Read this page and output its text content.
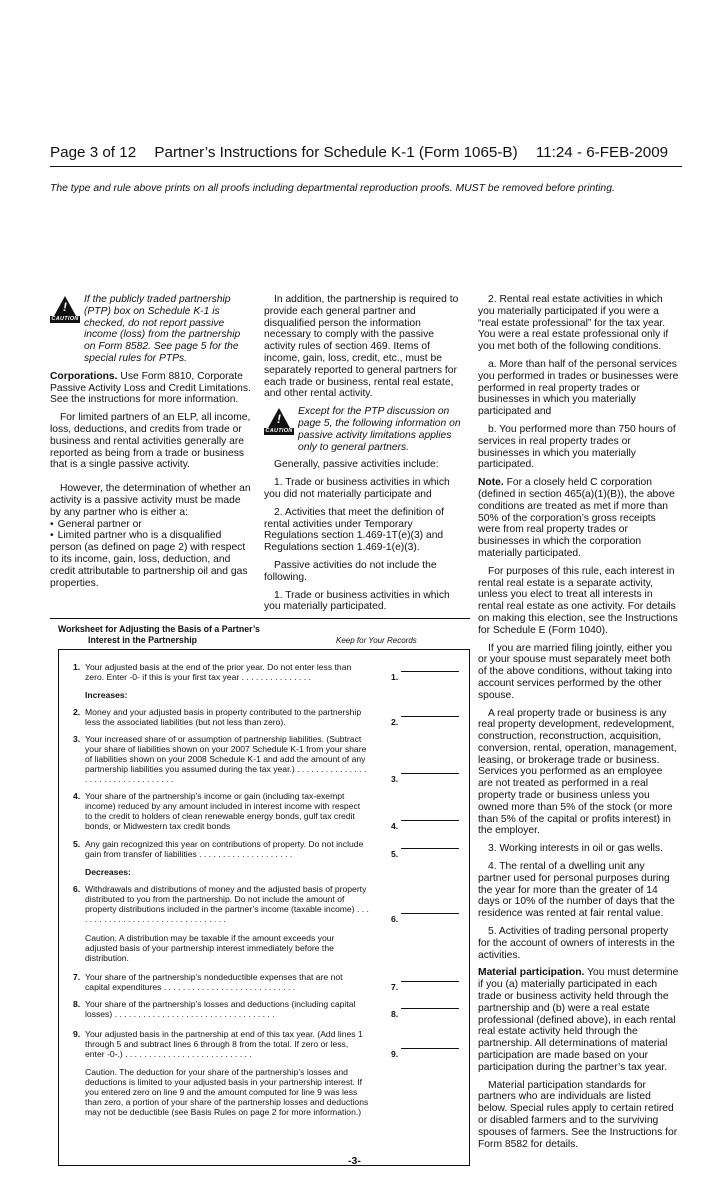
Page 3 of 12 Partner’s Instructions for Schedule K-1 (Form 1065-B) 11:24 - 6-FEB-2009
The type and rule above prints on all proofs including departmental reproduction proofs. MUST be removed before printing.
!
CAUTION

If the publicly traded partnership (PTP) box on Schedule K-1 is checked, do not report passive income (loss) from the partnership on Form 8582. See page 5 for the special rules for PTPs.

Corporations. Use Form 8810, Corporate Passive Activity Loss and Credit Limitations. See the instructions for more information.

For limited partners of an ELP, all income, loss, deductions, and credits from trade or business and rental activities generally are reported as being from a trade or business that is a single passive activity.

However, the determination of whether an activity is a passive activity must be made by any partner who is either a:

• General partner or

• Limited partner who is a disqualified person (as defined on page 2) with respect to its income, gain, loss, deduction, and credit attributable to partnership oil and gas properties.

In addition, the partnership is required to provide each general partner and disqualified person the information necessary to comply with the passive activity rules of section 469. Items of income, gain, loss, credit, etc., must be separately reported to general partners for each trade or business, rental real estate, and other rental activity.

!
CAUTION

Except for the PTP discussion on page 5, the following information on passive activity limitations applies only to general partners.

Generally, passive activities include:

1. Trade or business activities in which you did not materially participate and

2. Activities that meet the definition of rental activities under Temporary Regulations section 1.469-1T(e)(3) and Regulations section 1.469-1(e)(3).

Passive activities do not include the following.

1. Trade or business activities in which you materially participated.

2. Rental real estate activities in which you materially participated if you were a “real estate professional” for the tax year. You were a real estate professional only if you met both of the following conditions.

a. More than half of the personal services you performed in trades or businesses were performed in real property trades or businesses in which you materially participated and

b. You performed more than 750 hours of services in real property trades or businesses in which you materially participated.

Note. For a closely held C corporation (defined in section 465(a)(1)(B)), the above conditions are treated as met if more than 50% of the corporation’s gross receipts were from real property trades or businesses in which the corporation materially participated.

For purposes of this rule, each interest in rental real estate is a separate activity, unless you elect to treat all interests in rental real estate as one activity. For details on making this election, see the Instructions for Schedule E (Form 1040).

If you are married filing jointly, either you or your spouse must separately meet both of the above conditions, without taking into account services performed by the other spouse.

A real property trade or business is any real property development, redevelopment, construction, reconstruction, acquisition, conversion, rental, operation, management, leasing, or brokerage trade or business. Services you performed as an employee are not treated as performed in a real property trade or business unless you owned more than 5% of the stock (or more than 5% of the capital or profits interest) in the employer.

3. Working interests in oil or gas wells.

4. The rental of a dwelling unit any partner used for personal purposes during the year for more than the greater of 14 days or 10% of the number of days that the residence was rented at fair rental value.

5. Activities of trading personal property for the account of owners of interests in the activities.

Material participation. You must determine if you (a) materially participated in each trade or business activity held through the partnership and (b) were a real estate professional (defined above), in each rental real estate activity held through the partnership. All determinations of material participation are made based on your participation during the partner’s tax year.

Material participation standards for partners who are individuals are listed below. Special rules apply to certain retired or disabled farmers and to the surviving spouses of farmers. See the Instructions for Form 8582 for details.

Worksheet for Adjusting the Basis of a Partner’s
Interest in the Partnership	Keep for Your Records
1. Your adjusted basis at the end of the prior year. Do not enter less than zero. Enter -0- if this is your first tax year . . . . . . . . . . . . . . .	1.
Increases:
2. Money and your adjusted basis in property contributed to the partnership less the associated liabilities (but not less than zero).	2.
3. Your increased share of or assumption of partnership liabilities. (Subtract your share of liabilities shown on your 2007 Schedule K-1 from your share of liabilities shown on your 2008 Schedule K-1 and add the amount of any partnership liabilities you assumed during the tax year.) . . . . . . . . . . . . . . . . . . . . . . . . . . . . . . . . . .	3.
4. Your share of the partnership’s income or gain (including tax-exempt income) reduced by any amount included in interest income with respect to the credit to holders of clean renewable energy bonds, gulf tax credit bonds, or Midwestern tax credit bonds	4.
5. Any gain recognized this year on contributions of property. Do not include gain from transfer of liabilities . . . . . . . . . . . . . . . . . . . .	5.
Decreases:
6. Withdrawals and distributions of money and the adjusted basis of property distributed to you from the partnership. Do not include the amount of property distributions included in the partner’s income (taxable income) . . . . . . . . . . . . . . . . . . . . . . . . . . . . . . . . .	6.
Caution. A distribution may be taxable if the amount exceeds your adjusted basis of your partnership interest immediately before the distribution.
7. Your share of the partnership’s nondeductible expenses that are not capital expenditures . . . . . . . . . . . . . . . . . . . . . . . . . . . .	7.
8. Your share of the partnership’s losses and deductions (including capital losses) . . . . . . . . . . . . . . . . . . . . . . . . . . . . . . . . . .	8.
9. Your adjusted basis in the partnership at end of this tax year. (Add lines 1 through 5 and subtract lines 6 through 8 from the total. If zero or less, enter -0-.) . . . . . . . . . . . . . . . . . . . . . . . . . . .	9.
Caution. The deduction for your share of the partnership’s losses and deductions is limited to your adjusted basis in your partnership interest. If you entered zero on line 9 and the amount computed for line 9 was less than zero, a portion of your share of the partnership losses and deductions may not be deductible (see Basis Rules on page 2 for more information.)
-3-
